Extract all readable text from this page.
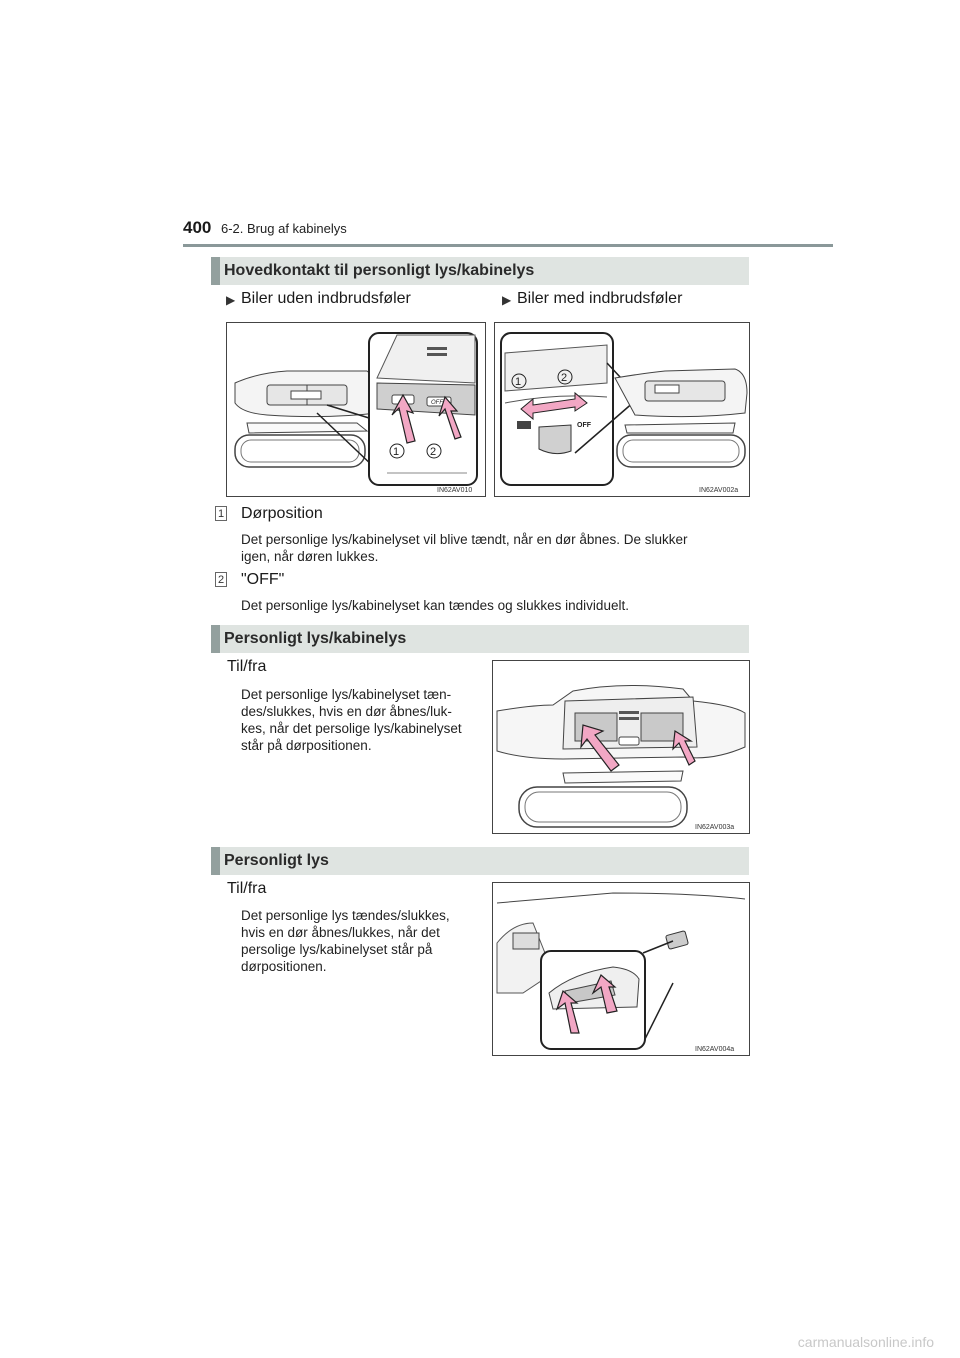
400 6-2. Brug af kabinelys
Hovedkontakt til personligt lys/kabinelys
▶ Biler uden indbrudsføler	▶ Biler med indbrudsføler
OFF
1	2
IN62AV010
1	2
OFF
IN62AV002a
1 Dørposition
Det personlige lys/kabinelyset vil blive tændt, når en dør åbnes. De slukker
igen, når døren lukkes.
2 "OFF"
Det personlige lys/kabinelyset kan tændes og slukkes individuelt.
Personligt lys/kabinelys
Til/fra
Det personlige lys/kabinelyset tæn-
des/slukkes, hvis en dør åbnes/luk-
kes, når det persolige lys/kabinelyset
står på dørpositionen.
IN62AV003a
Personligt lys
Til/fra
Det personlige lys tændes/slukkes,
hvis en dør åbnes/lukkes, når det
persolige lys/kabinelyset står på
dørpositionen.
IN62AV004a
carmanualsonline.info
